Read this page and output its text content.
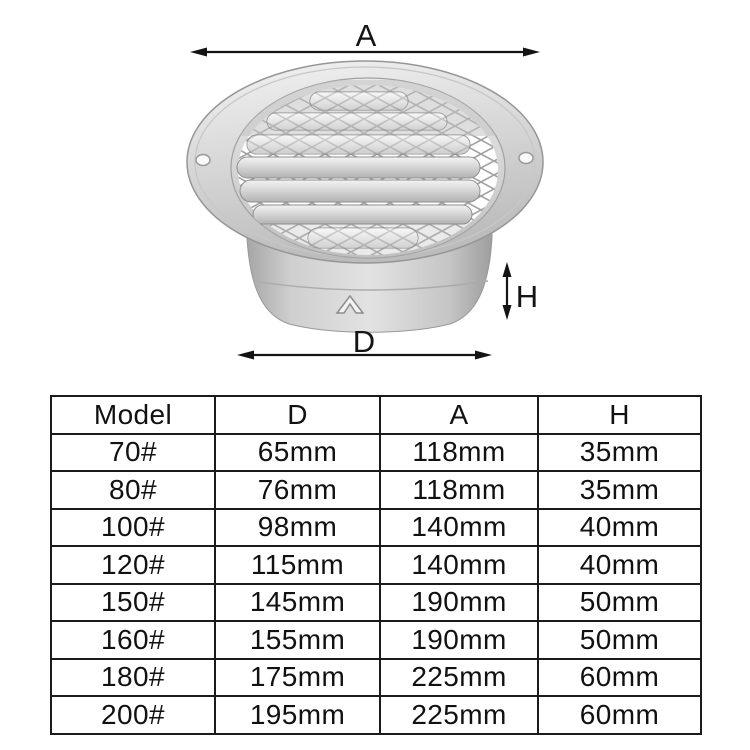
A
H
D
Model	D	A	H
70#	65mm	118mm	35mm
80#	76mm	118mm	35mm
100#	98mm	140mm	40mm
120#	115mm	140mm	40mm
150#	145mm	190mm	50mm
160#	155mm	190mm	50mm
180#	175mm	225mm	60mm
200#	195mm	225mm	60mm
